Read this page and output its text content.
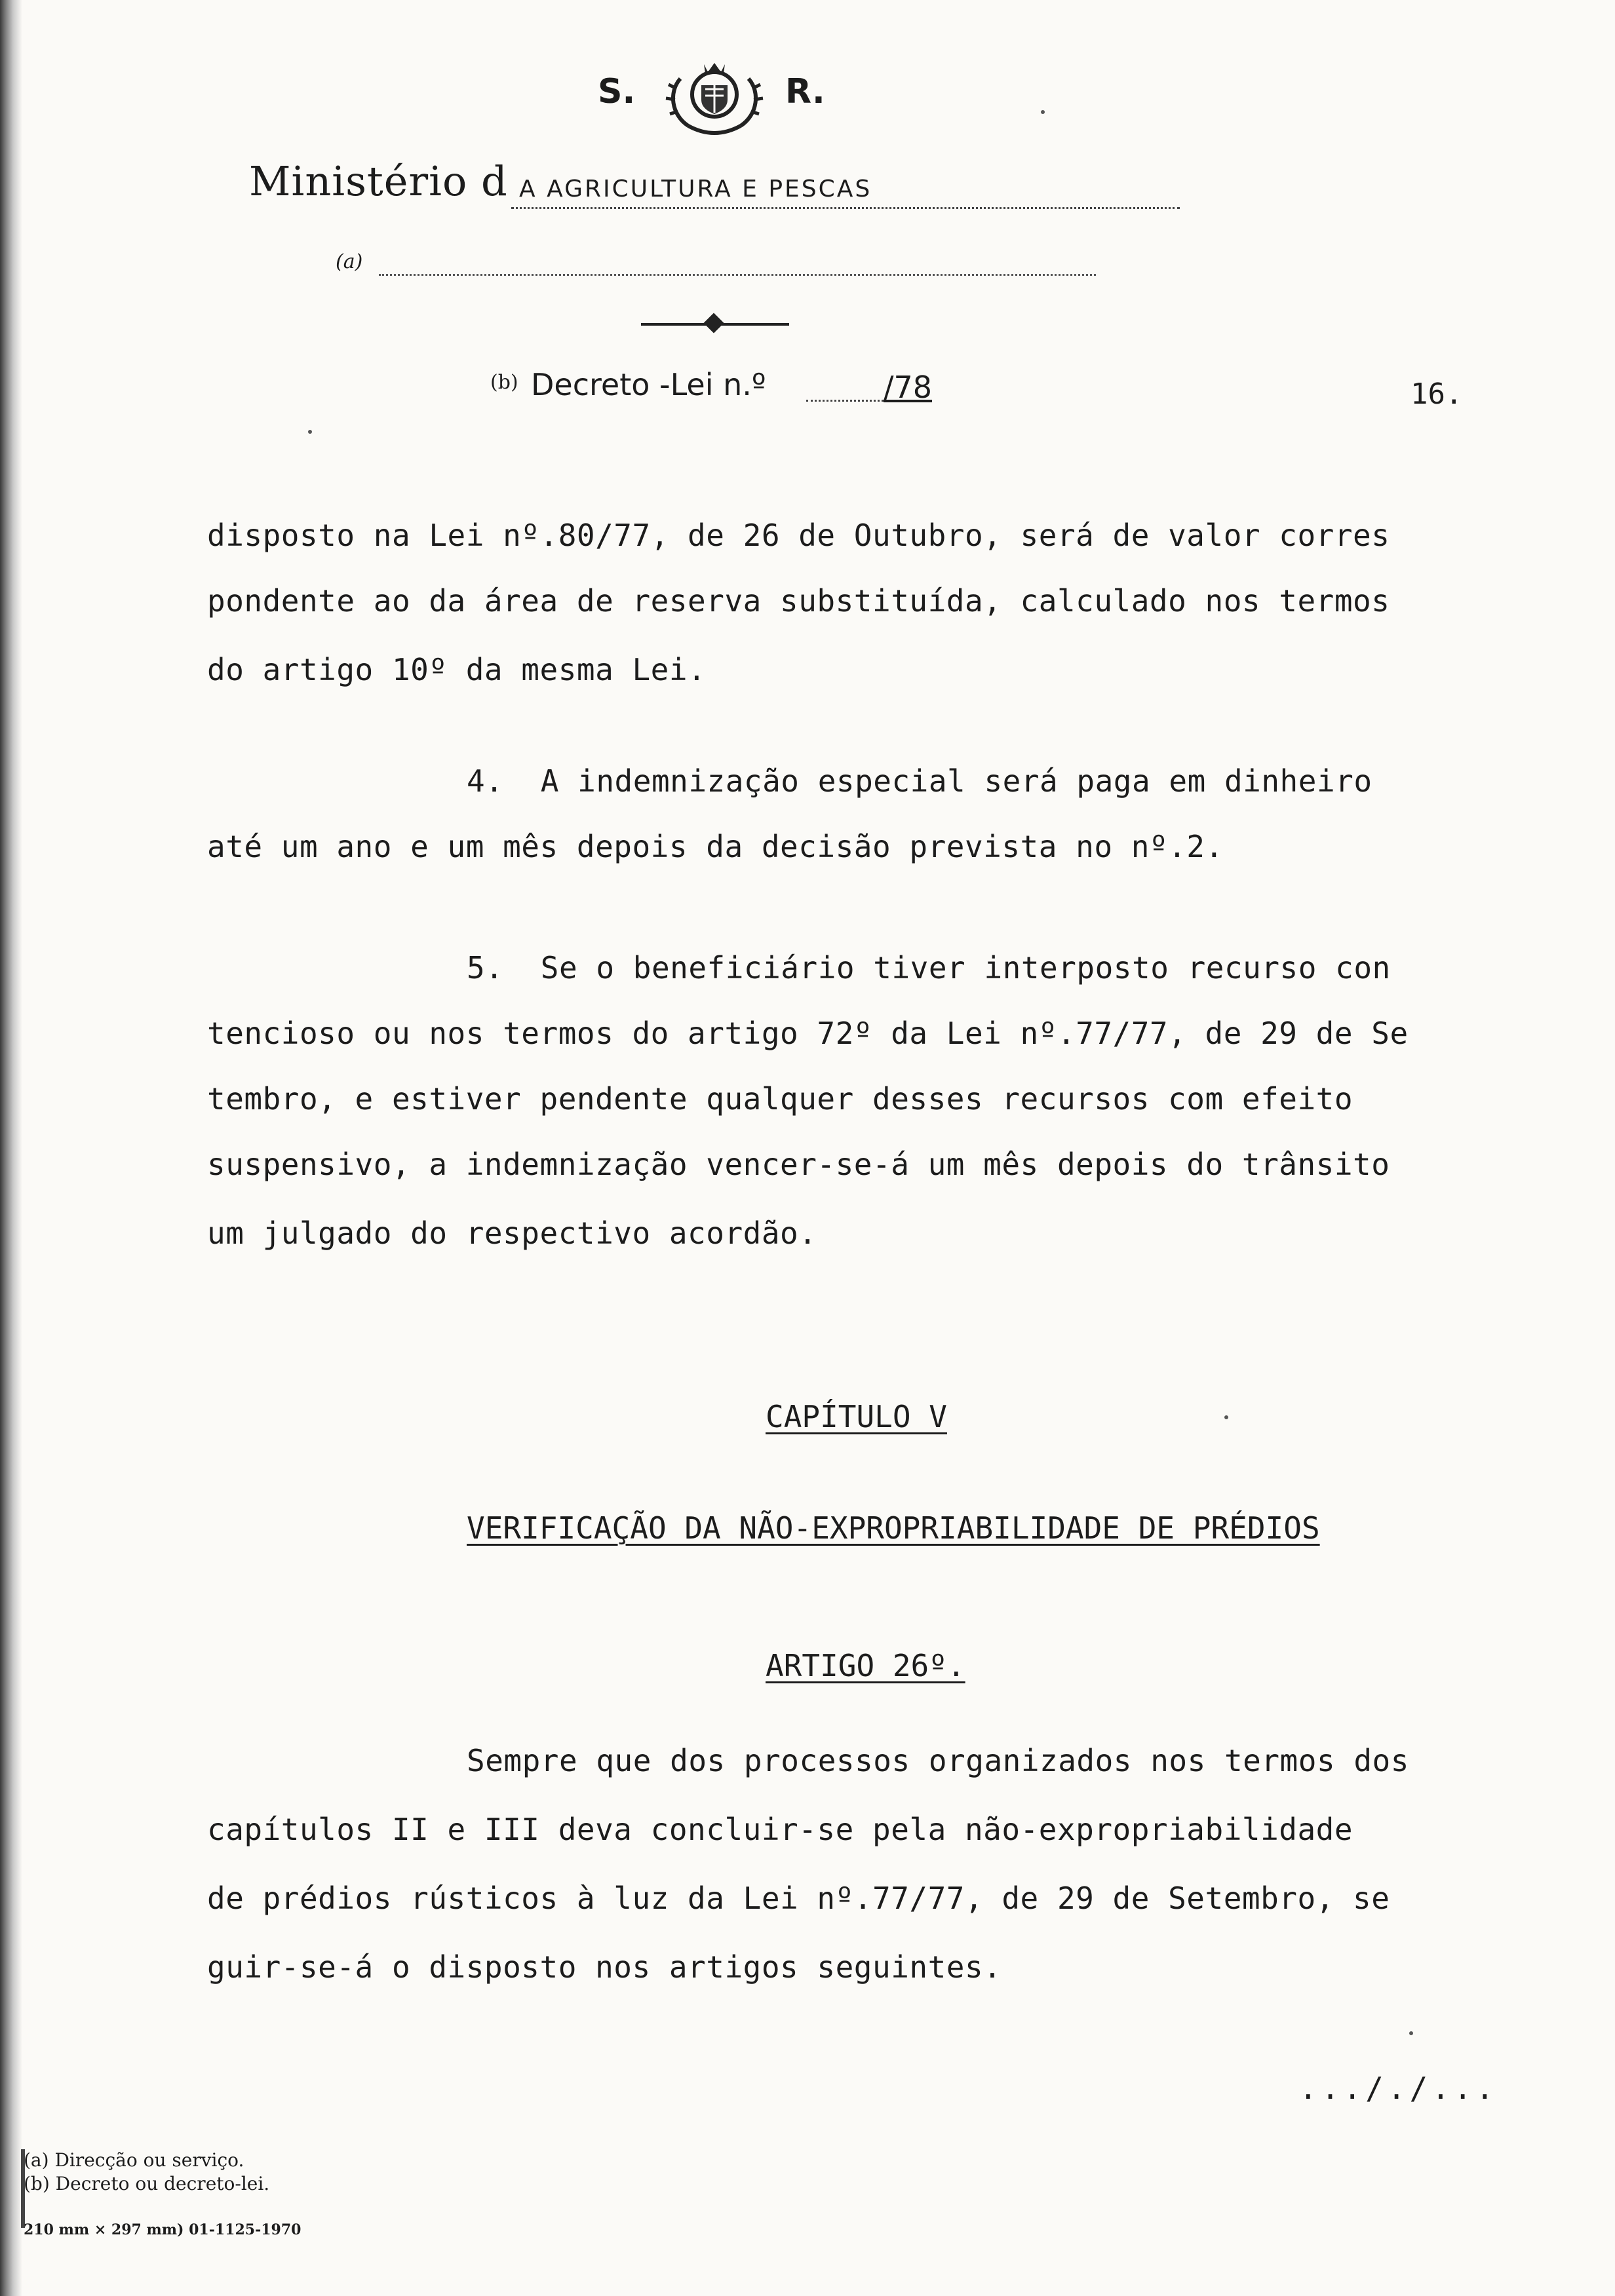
S.	R.
Ministério d A AGRICULTURA E PESCAS
(a)
(b) Decreto -Lei n.º	/78	16.
disposto na Lei nº.80/77, de 26 de Outubro, será de valor corres
pondente ao da área de reserva substituída, calculado nos termos
do artigo 10º da mesma Lei.
4.  A indemnização especial será paga em dinheiro
até um ano e um mês depois da decisão prevista no nº.2.
5.  Se o beneficiário tiver interposto recurso con
tencioso ou nos termos do artigo 72º da Lei nº.77/77, de 29 de Se
tembro, e estiver pendente qualquer desses recursos com efeito
suspensivo, a indemnização vencer-se-á um mês depois do trânsito
um julgado do respectivo acordão.
CAPÍTULO V
VERIFICAÇÃO DA NÃO-EXPROPRIABILIDADE DE PRÉDIOS
ARTIGO 26º.
Sempre que dos processos organizados nos termos dos
capítulos II e III deva concluir-se pela não-expropriabilidade
de prédios rústicos à luz da Lei nº.77/77, de 29 de Setembro, se
guir-se-á o disposto nos artigos seguintes.
..././...
(a) Direcção ou serviço.
(b) Decreto ou decreto-lei.
210 mm × 297 mm) 01-1125-1970
